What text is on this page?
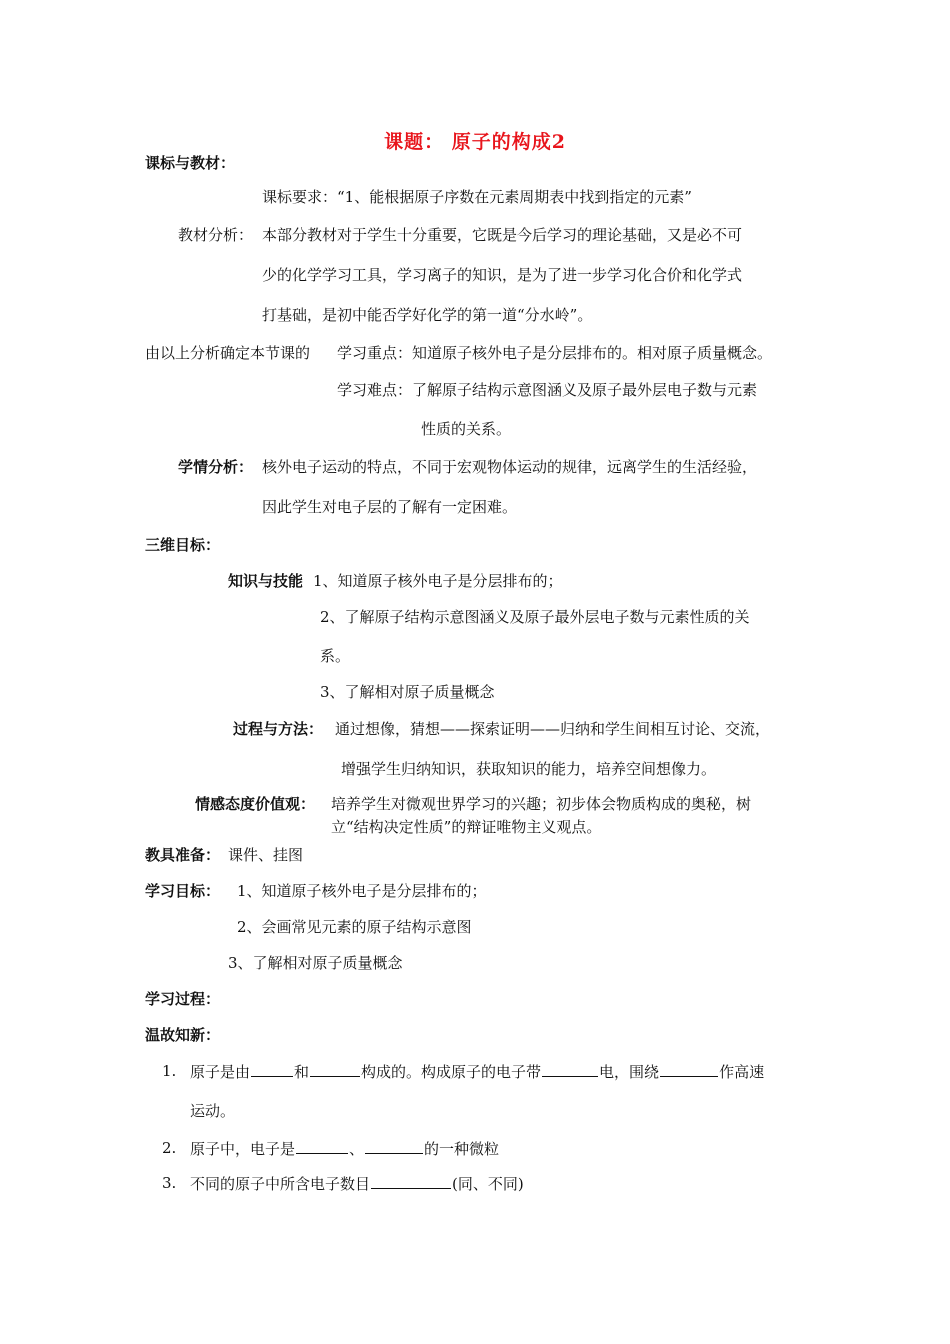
课题： 原子的构成2
课标与教材：
课标要求：“1、能根据原子序数在元素周期表中找到指定的元素”
教材分析： 本部分教材对于学生十分重要，它既是今后学习的理论基础，又是必不可
少的化学学习工具，学习离子的知识，是为了进一步学习化合价和化学式
打基础，是初中能否学好化学的第一道“分水岭”。
由以上分析确定本节课的 学习重点：知道原子核外电子是分层排布的。相对原子质量概念。
学习难点：了解原子结构示意图涵义及原子最外层电子数与元素
性质的关系。
学情分析： 核外电子运动的特点，不同于宏观物体运动的规律，远离学生的生活经验，
因此学生对电子层的了解有一定困难。
三维目标：
知识与技能 1、知道原子核外电子是分层排布的；
2、了解原子结构示意图涵义及原子最外层电子数与元素性质的关
系。
3、了解相对原子质量概念
过程与方法： 通过想像，猜想——探索证明——归纳和学生间相互讨论、交流，
增强学生归纳知识，获取知识的能力，培养空间想像力。
情感态度价值观： 培养学生对微观世界学习的兴趣；初步体会物质构成的奥秘，树
立“结构决定性质”的辩证唯物主义观点。
教具准备： 课件、挂图
学习目标： 1、知道原子核外电子是分层排布的；
2、会画常见元素的原子结构示意图
3、了解相对原子质量概念
学习过程：
温故知新：
1. 原子是由	和	构成的。构成原子的电子带	电，围绕	作高速
运动。
2. 原子中，电子是	、	的一种微粒
3. 不同的原子中所含电子数目	(同、不同)
